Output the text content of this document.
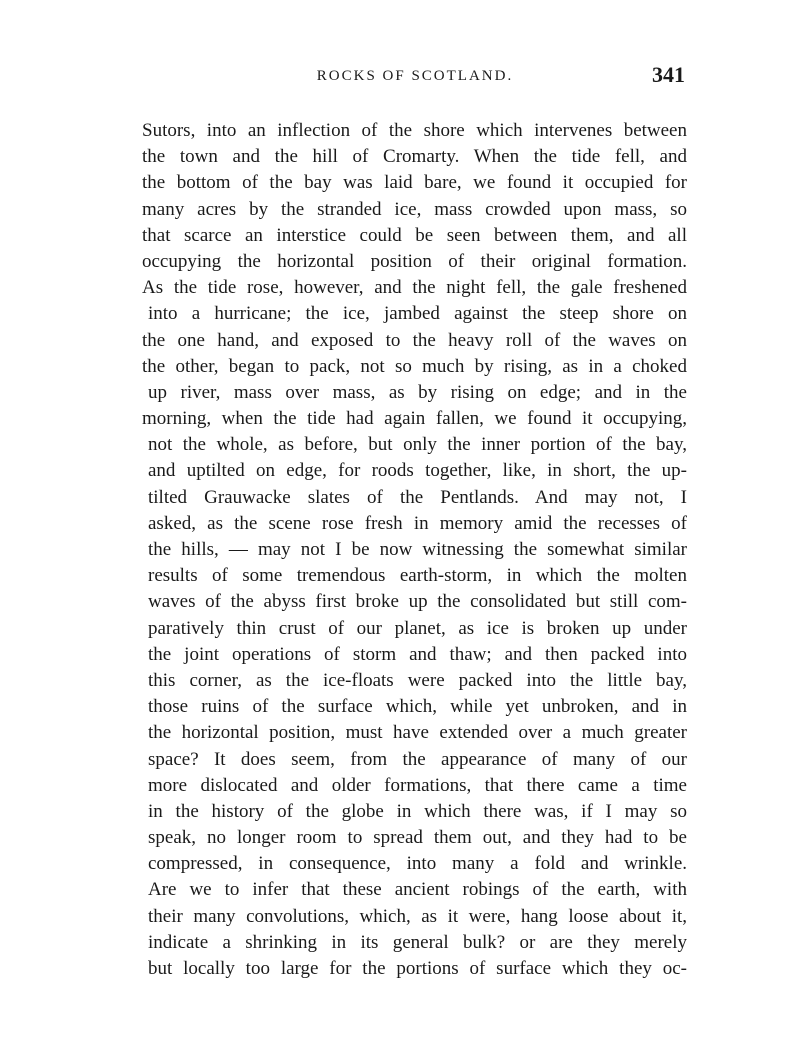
ROCKS OF SCOTLAND.	341
Sutors, into an inflection of the shore which intervenes between
the town and the hill of Cromarty. When the tide fell, and
the bottom of the bay was laid bare, we found it occupied for
many acres by the stranded ice, mass crowded upon mass, so
that scarce an interstice could be seen between them, and all
occupying the horizontal position of their original formation.
As the tide rose, however, and the night fell, the gale freshened
into a hurricane; the ice, jambed against the steep shore on
the one hand, and exposed to the heavy roll of the waves on
the other, began to pack, not so much by rising, as in a choked
up river, mass over mass, as by rising on edge; and in the
morning, when the tide had again fallen, we found it occupying,
not the whole, as before, but only the inner portion of the bay,
and uptilted on edge, for roods together, like, in short, the up-
tilted Grauwacke slates of the Pentlands. And may not, I
asked, as the scene rose fresh in memory amid the recesses of
the hills, — may not I be now witnessing the somewhat similar
results of some tremendous earth-storm, in which the molten
waves of the abyss first broke up the consolidated but still com-
paratively thin crust of our planet, as ice is broken up under
the joint operations of storm and thaw; and then packed into
this corner, as the ice-floats were packed into the little bay,
those ruins of the surface which, while yet unbroken, and in
the horizontal position, must have extended over a much greater
space? It does seem, from the appearance of many of our
more dislocated and older formations, that there came a time
in the history of the globe in which there was, if I may so
speak, no longer room to spread them out, and they had to be
compressed, in consequence, into many a fold and wrinkle.
Are we to infer that these ancient robings of the earth, with
their many convolutions, which, as it were, hang loose about it,
indicate a shrinking in its general bulk? or are they merely
but locally too large for the portions of surface which they oc-
